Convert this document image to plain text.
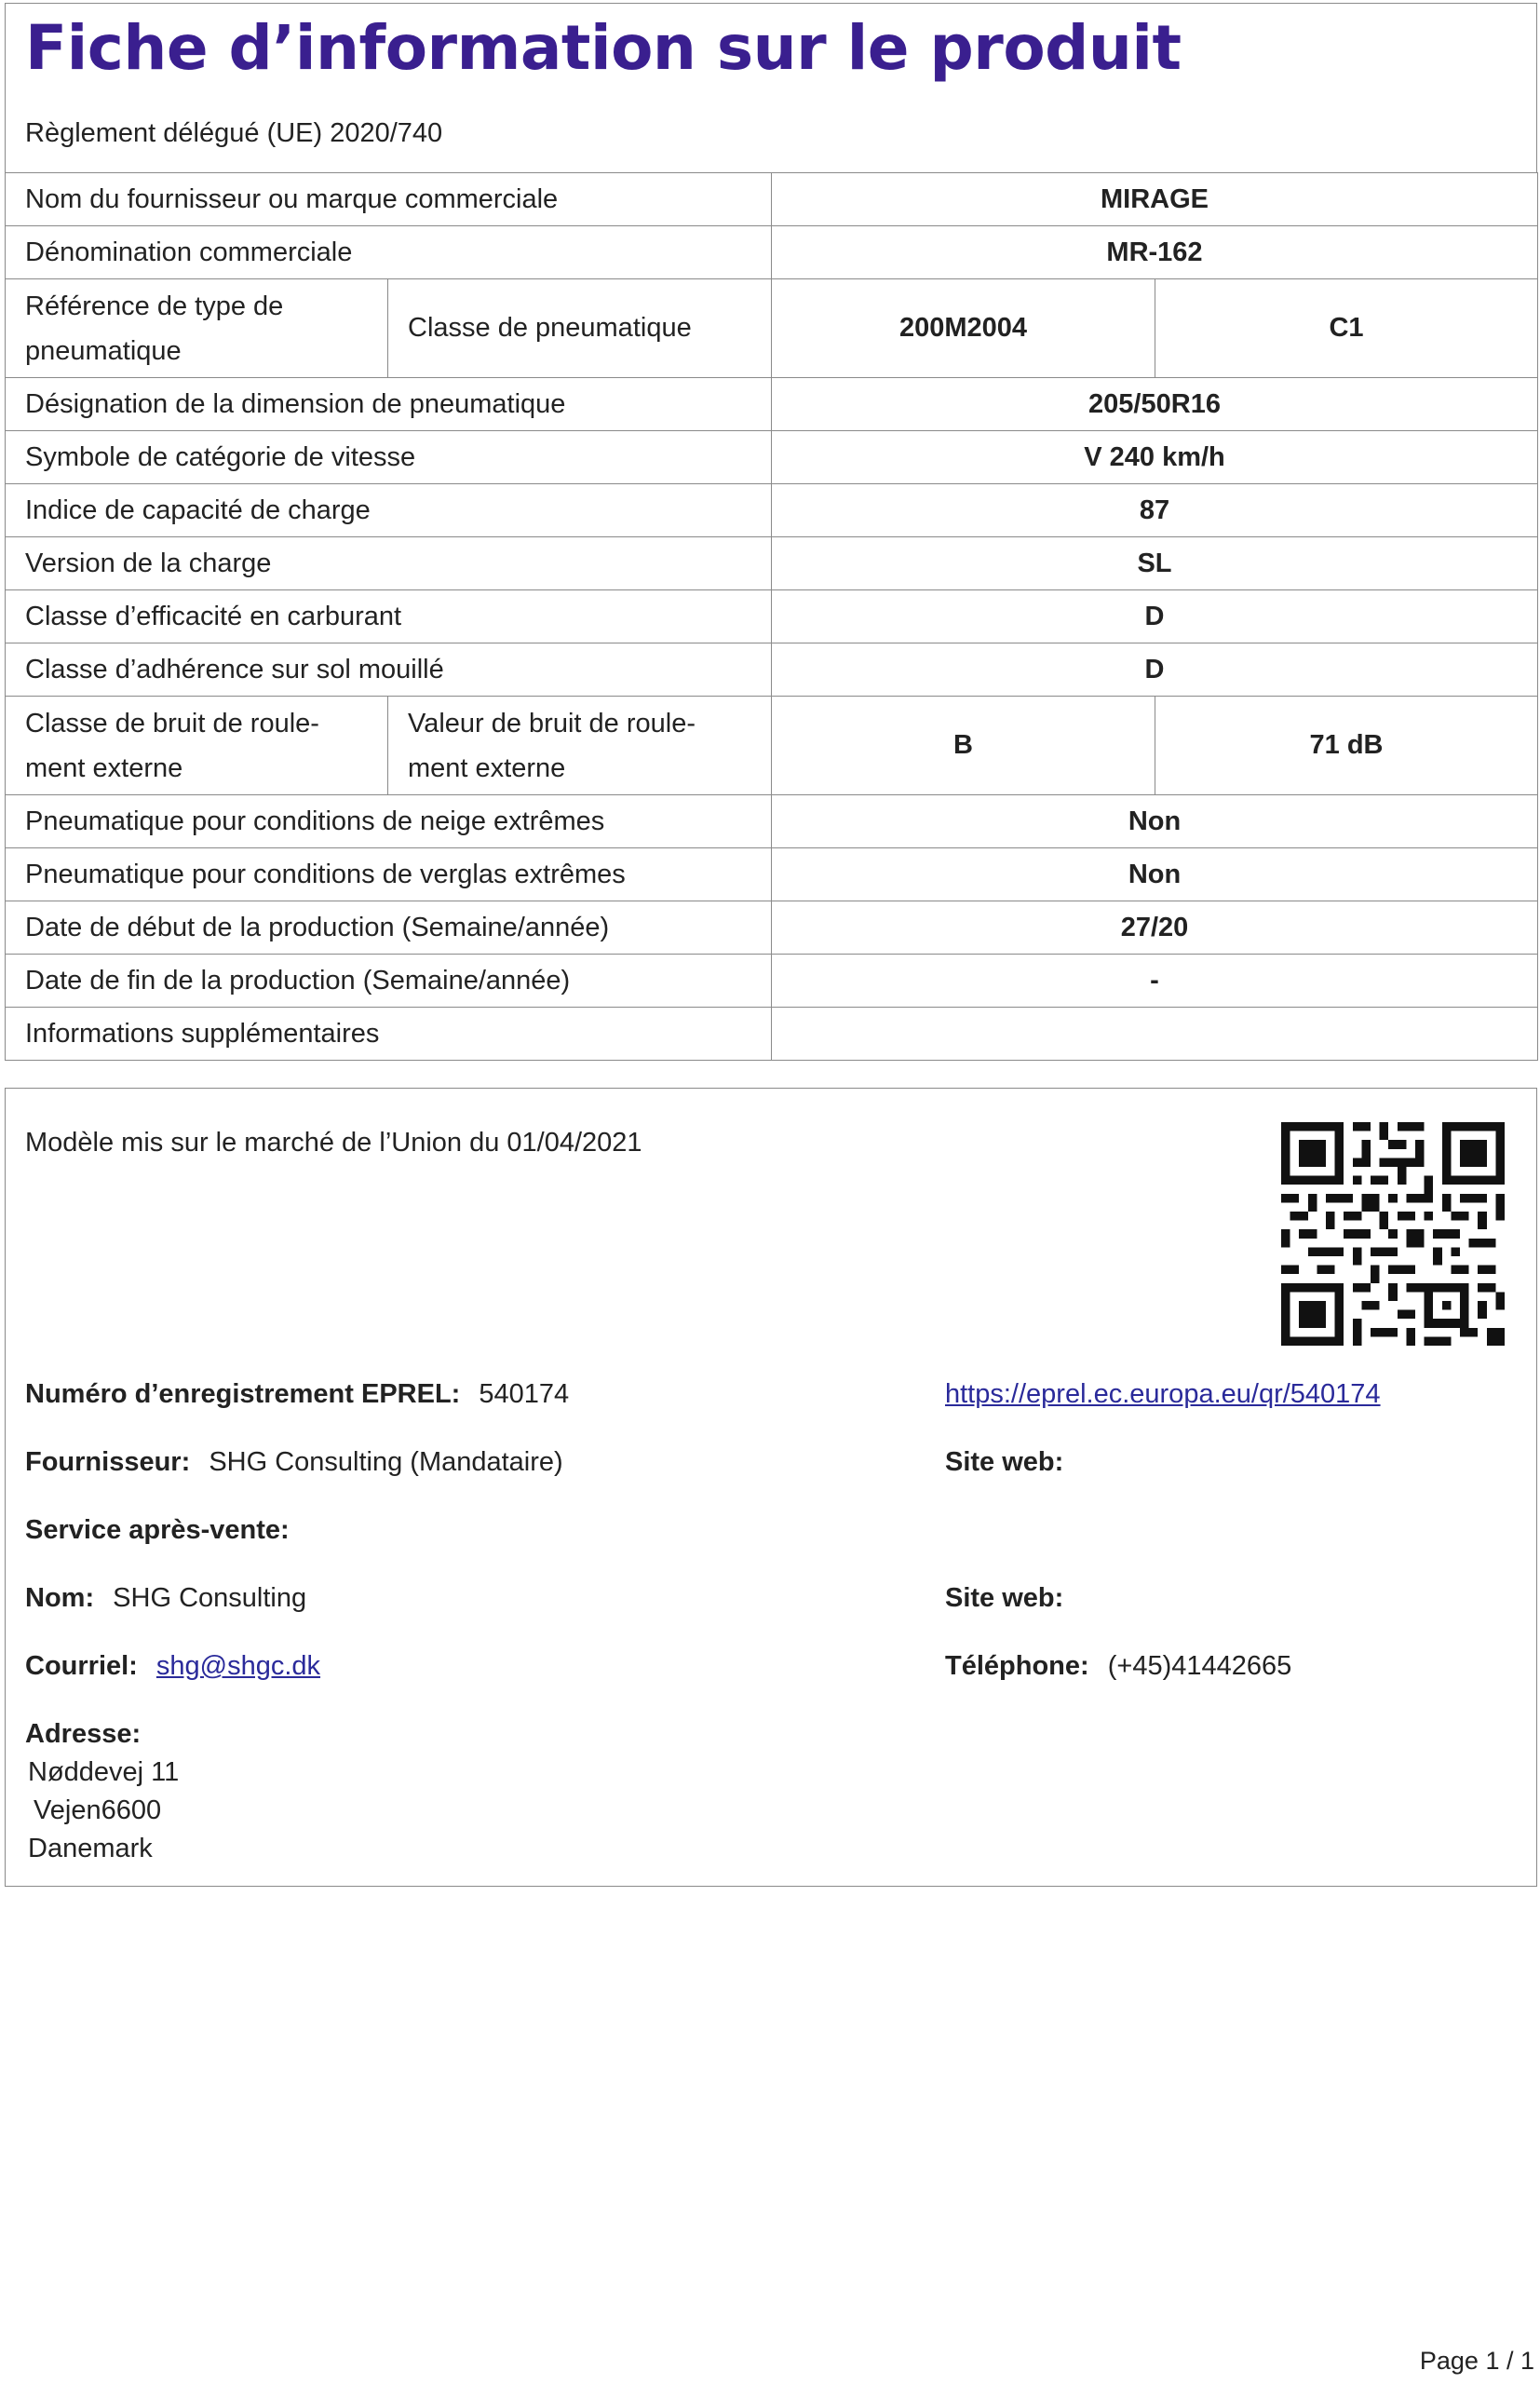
Fiche d’information sur le produit
Règlement délégué (UE) 2020/740
Nom du fournisseur ou marque commerciale		MIRAGE	
Dénomination commerciale		MR-162	
Référence de type de pneumatique	Classe de pneumatique	200M2004	C1
Désignation de la dimension de pneumatique		205/50R16	
Symbole de catégorie de vitesse		V 240 km/h	
Indice de capacité de charge		87	
Version de la charge		SL	
Classe d’efficacité en carburant		D	
Classe d’adhérence sur sol mouillé		D	
Classe de bruit de roule- ment externe	Valeur de bruit de roule- ment externe	B	71 dB
Pneumatique pour conditions de neige extrêmes		Non	
Pneumatique pour conditions de verglas extrêmes		Non	
Date de début de la production (Semaine/année)		27/20	
Date de fin de la production (Semaine/année)		-	
Informations supplémentaires			
Modèle mis sur le marché de l’Union du 01/04/2021
Numéro d’enregistrement EPREL: 540174	https://eprel.ec.europa.eu/qr/540174
Fournisseur: SHG Consulting (Mandataire)	Site web:
Service après-vente:
Nom: SHG Consulting	Site web:
Courriel: shg@shgc.dk	Téléphone: (+45)41442665
Adresse:
Nøddevej 11
Vejen6600
Danemark
Page 1 / 1
